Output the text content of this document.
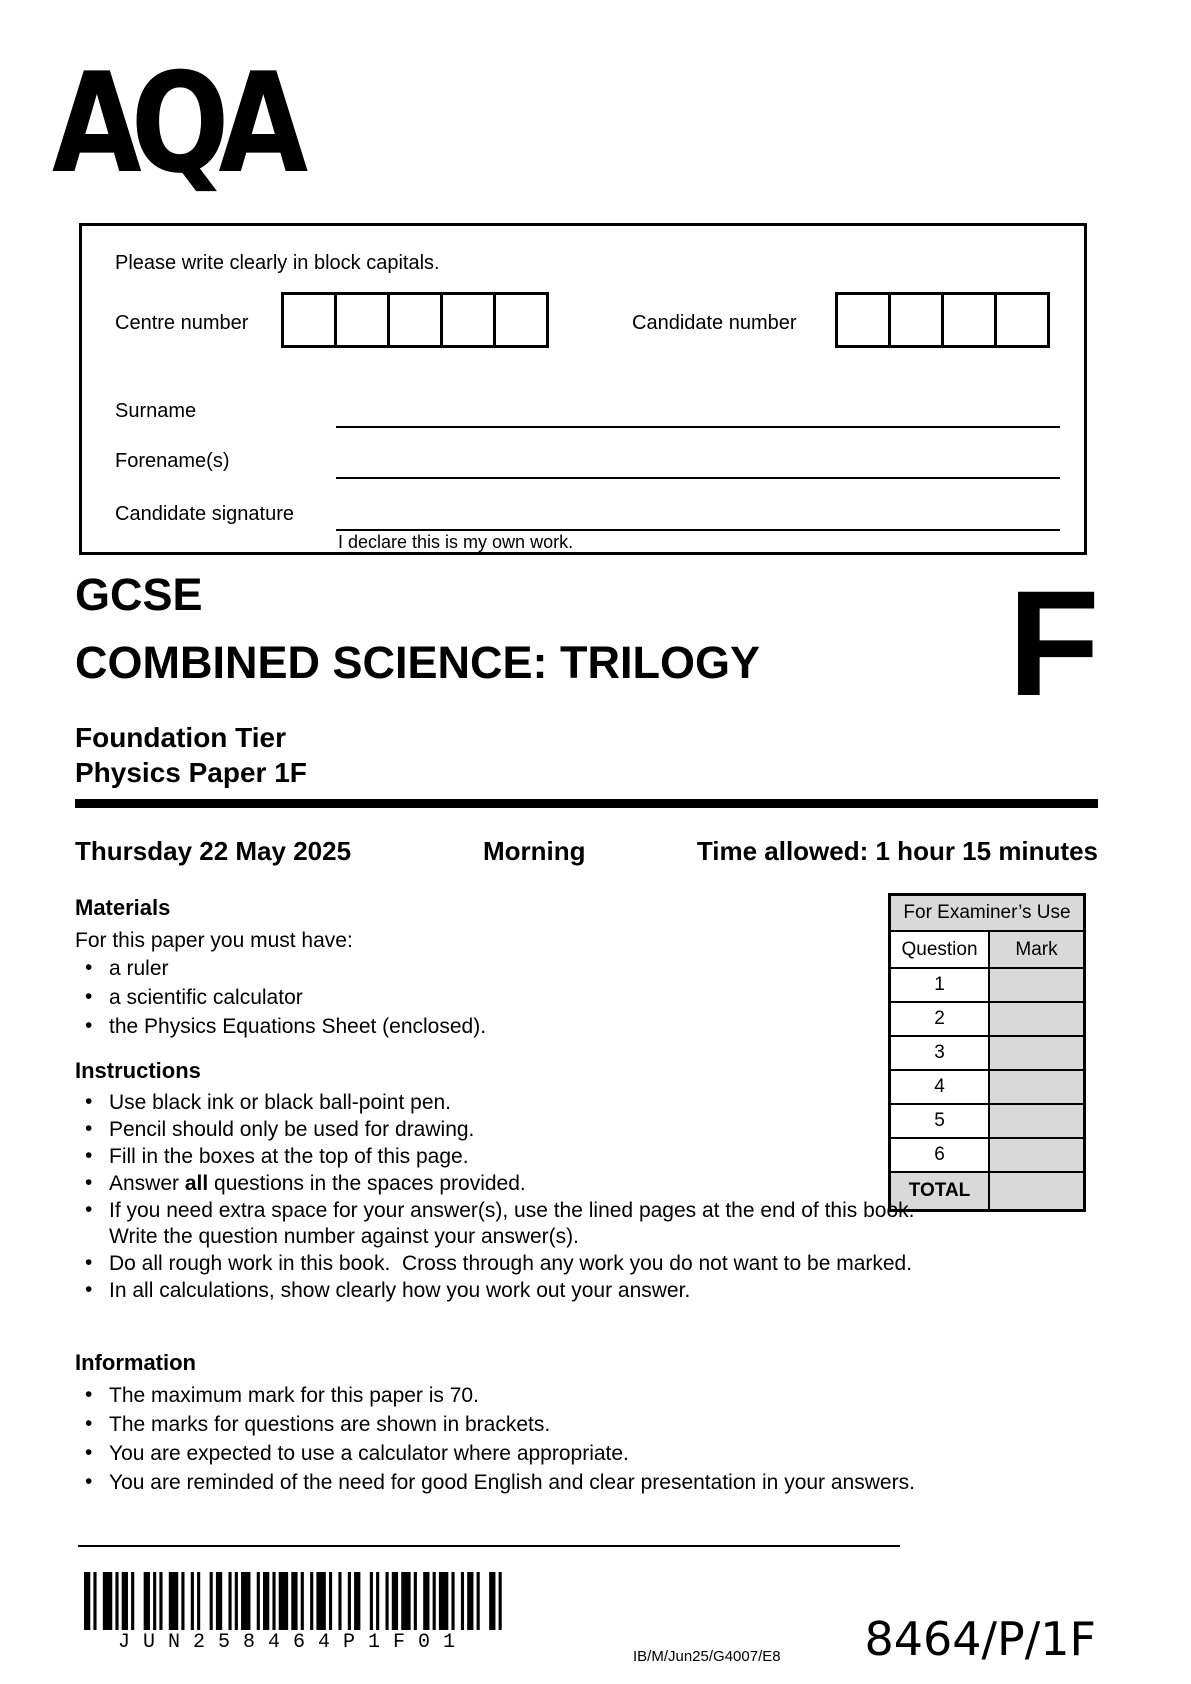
AQA
Please write clearly in block capitals.
Centre number	Candidate number
Surname
Forename(s)
Candidate signature
I declare this is my own work.
GCSE
COMBINED SCIENCE: TRILOGY F
Foundation Tier
Physics Paper 1F
Thursday 22 May 2025	Morning	Time allowed: 1 hour 15 minutes
Materials
For this paper you must have:
• a ruler
• a scientific calculator
• the Physics Equations Sheet (enclosed).
For Examiner’s Use
Question	Mark
1
2
3
4
5
6
TOTAL
Instructions
• Use black ink or black ball-point pen.
• Pencil should only be used for drawing.
• Fill in the boxes at the top of this page.
• Answer all questions in the spaces provided.
• If you need extra space for your answer(s), use the lined pages at the end of this book.  Write the question number against your answer(s).
• Do all rough work in this book.  Cross through any work you do not want to be marked.
• In all calculations, show clearly how you work out your answer.
Information
• The maximum mark for this paper is 70.
• The marks for questions are shown in brackets.
• You are expected to use a calculator where appropriate.
• You are reminded of the need for good English and clear presentation in your answers.
JUN258464P1F01
IB/M/Jun25/G4007/E8 8464/P/1F
